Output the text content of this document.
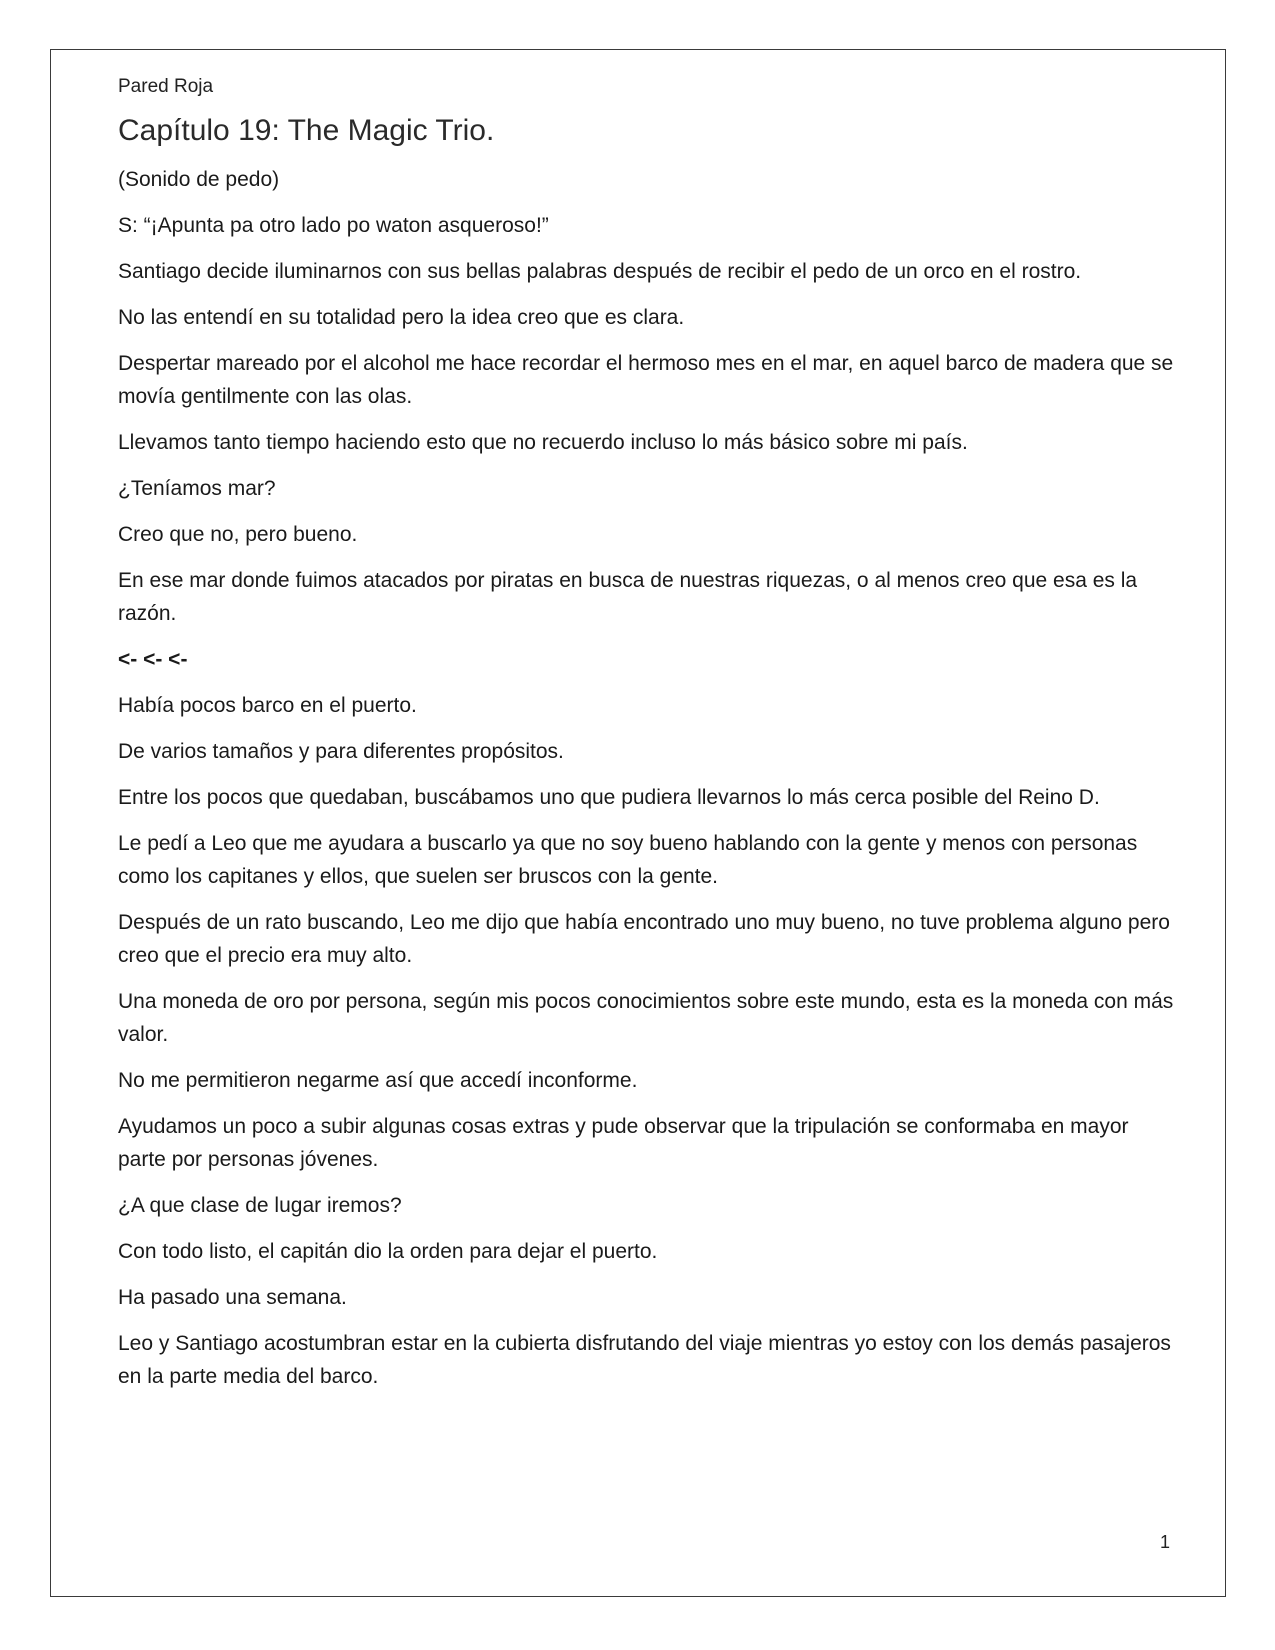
Pared Roja
Capítulo 19: The Magic Trio.

(Sonido de pedo)

S: “¡Apunta pa otro lado po waton asqueroso!”

Santiago decide iluminarnos con sus bellas palabras después de recibir el pedo de un orco en el rostro.

No las entendí en su totalidad pero la idea creo que es clara.

Despertar mareado por el alcohol me hace recordar el hermoso mes en el mar, en aquel barco de madera que se movía gentilmente con las olas.

Llevamos tanto tiempo haciendo esto que no recuerdo incluso lo más básico sobre mi país.

¿Teníamos mar?

Creo que no, pero bueno.

En ese mar donde fuimos atacados por piratas en busca de nuestras riquezas, o al menos creo que esa es la razón.

<- <- <-

Había pocos barco en el puerto.

De varios tamaños y para diferentes propósitos.

Entre los pocos que quedaban, buscábamos uno que pudiera llevarnos lo más cerca posible del Reino D.

Le pedí a Leo que me ayudara a buscarlo ya que no soy bueno hablando con la gente y menos con personas como los capitanes y ellos, que suelen ser bruscos con la gente.

Después de un rato buscando, Leo me dijo que había encontrado uno muy bueno, no tuve problema alguno pero creo que el precio era muy alto.

Una moneda de oro por persona, según mis pocos conocimientos sobre este mundo, esta es la moneda con más valor.

No me permitieron negarme así que accedí inconforme.

Ayudamos un poco a subir algunas cosas extras y pude observar que la tripulación se conformaba en mayor parte por personas jóvenes.

¿A que clase de lugar iremos?

Con todo listo, el capitán dio la orden para dejar el puerto.

Ha pasado una semana.

Leo y Santiago acostumbran estar en la cubierta disfrutando del viaje mientras yo estoy con los demás pasajeros en la parte media del barco.

1
